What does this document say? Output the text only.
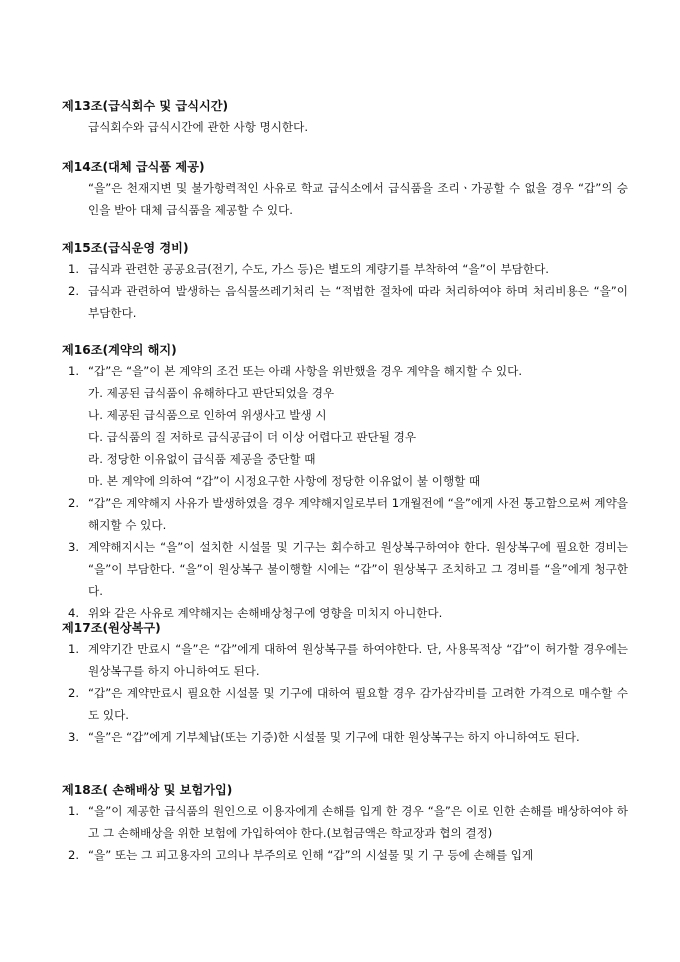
제13조(급식회수 및 급식시간)
급식회수와 급식시간에 관한 사항 명시한다.
제14조(대체 급식품 제공)
“을”은 천재지변 및 불가항력적인 사유로 학교 급식소에서 급식품을 조리ㆍ가공할 수 없을 경우 “갑”의 승인을 받아 대체 급식품을 제공할 수 있다.
제15조(급식운영 경비)
1. 급식과 관련한 공공요금(전기, 수도, 가스 등)은 별도의 계량기를 부착하여 “을”이 부담한다.
2. 급식과 관련하여 발생하는 음식물쓰레기처리 는 “적법한 절차에 따라 처리하여야 하며 처리비용은 “을”이 부담한다.
제16조(계약의 해지)
1. “갑”은 “을”이 본 계약의 조건 또는 아래 사항을 위반했을 경우 계약을 해지할 수 있다.
가. 제공된 급식품이 유해하다고 판단되었을 경우
나. 제공된 급식품으로 인하여 위생사고 발생 시
다. 급식품의 질 저하로 급식공급이 더 이상 어렵다고 판단될 경우
라. 정당한 이유없이 급식품 제공을 중단할 때
마. 본 계약에 의하여 “갑”이 시정요구한 사항에 정당한 이유없이 불 이행할 때
2. “갑”은 계약해지 사유가 발생하였을 경우 계약해지일로부터 1개월전에 “을”에게 사전 통고함으로써 계약을 해지할 수 있다.
3. 계약해지시는 “을”이 설치한 시설물 및 기구는 회수하고 원상복구하여야 한다. 원상복구에 필요한 경비는 “을”이 부담한다. “을”이 원상복구 불이행할 시에는 “갑”이 원상복구 조치하고 그 경비를 “을”에게 청구한다.
4. 위와 같은 사유로 계약해지는 손해배상청구에 영향을 미치지 아니한다.
제17조(원상복구)
1. 계약기간 만료시 “을”은 “갑”에게 대하여 원상복구를 하여야한다. 단, 사용목적상 “갑”이 허가할 경우에는 원상복구를 하지 아니하여도 된다.
2. “갑”은 계약만료시 필요한 시설물 및 기구에 대하여 필요할 경우 감가삼각비를 고려한 가격으로 매수할 수 도 있다.
3. “을”은 “갑”에게 기부체납(또는 기증)한 시설물 및 기구에 대한 원상복구는 하지 아니하여도 된다.
제18조( 손해배상 및 보험가입)
1. “을”이 제공한 급식품의 원인으로 이용자에게 손해를 입게 한 경우 “을”은 이로 인한 손해를 배상하여야 하고 그 손해배상을 위한 보험에 가입하여야 한다.(보험금액은 학교장과 협의 결정)
2. “을” 또는 그 피고용자의 고의나 부주의로 인해 “갑”의 시설물 및 기 구 등에 손해를 입게
